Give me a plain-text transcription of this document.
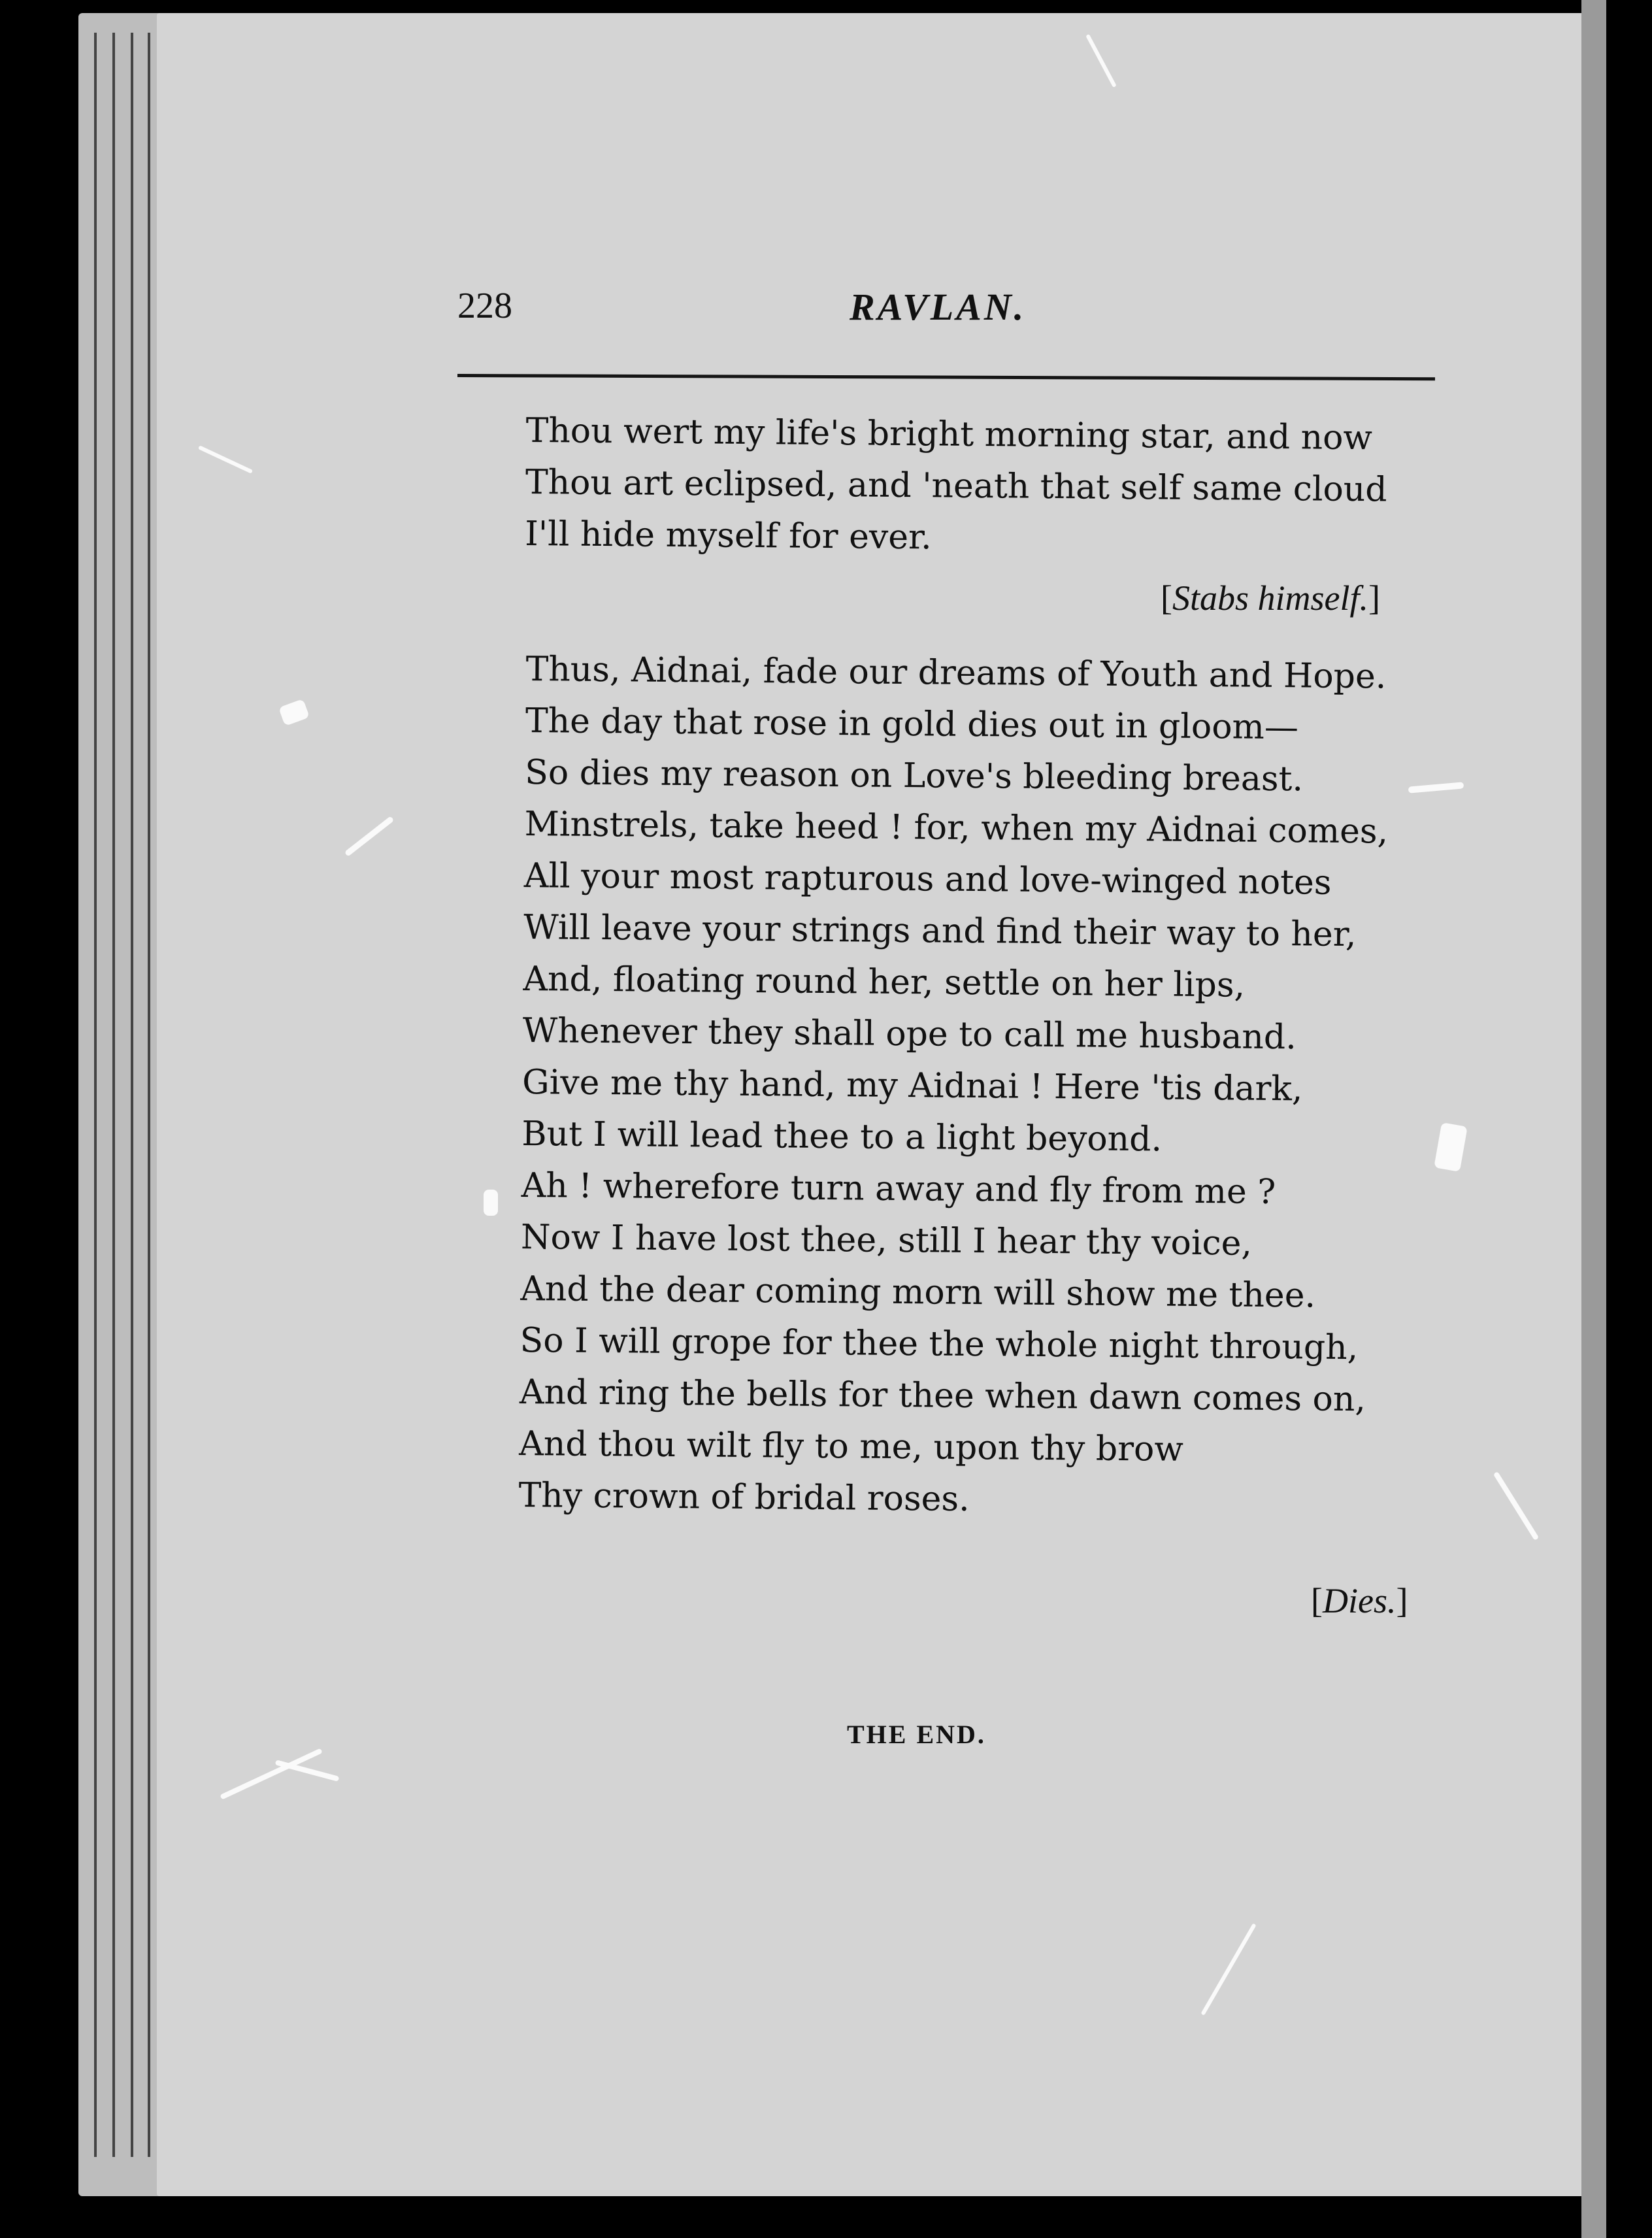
228	RAVLAN.
Thou wert my life's bright morning star, and now
Thou art eclipsed, and 'neath that self same cloud
I'll hide myself for ever.
[Stabs himself.]
Thus, Aidnai, fade our dreams of Youth and Hope.
The day that rose in gold dies out in gloom—
So dies my reason on Love's bleeding breast.
Minstrels, take heed ! for, when my Aidnai comes,
All your most rapturous and love-winged notes
Will leave your strings and find their way to her,
And, floating round her, settle on her lips,
Whenever they shall ope to call me husband.
Give me thy hand, my Aidnai ! Here 'tis dark,
But I will lead thee to a light beyond.
Ah ! wherefore turn away and fly from me ?
Now I have lost thee, still I hear thy voice,
And the dear coming morn will show me thee.
So I will grope for thee the whole night through,
And ring the bells for thee when dawn comes on,
And thou wilt fly to me, upon thy brow
Thy crown of bridal roses.
[Dies.]
THE END.
